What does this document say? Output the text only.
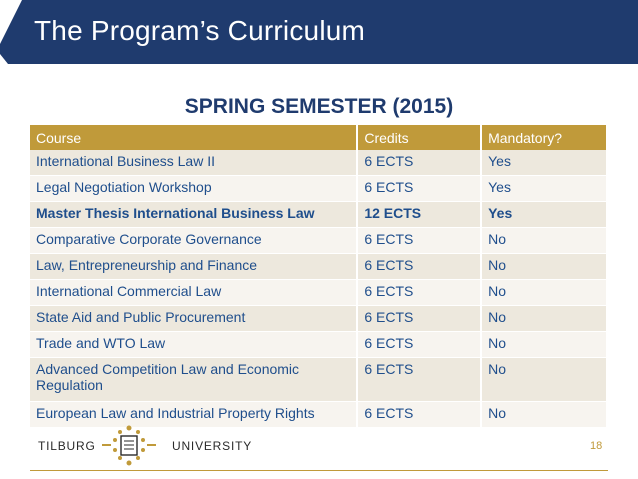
The Program’s Curriculum
SPRING SEMESTER (2015)
Course	Credits	Mandatory?
International Business Law II	6 ECTS	Yes
Legal Negotiation Workshop	6 ECTS	Yes
Master Thesis International Business Law	12 ECTS	Yes
Comparative Corporate Governance	6 ECTS	No
Law, Entrepreneurship and Finance	6 ECTS	No
International Commercial Law	6 ECTS	No
State Aid and Public Procurement	6 ECTS	No
Trade and WTO Law	6 ECTS	No
Advanced Competition Law and Economic Regulation	6 ECTS	No
European Law and Industrial Property Rights	6 ECTS	No
TILBURG	UNIVERSITY	18
